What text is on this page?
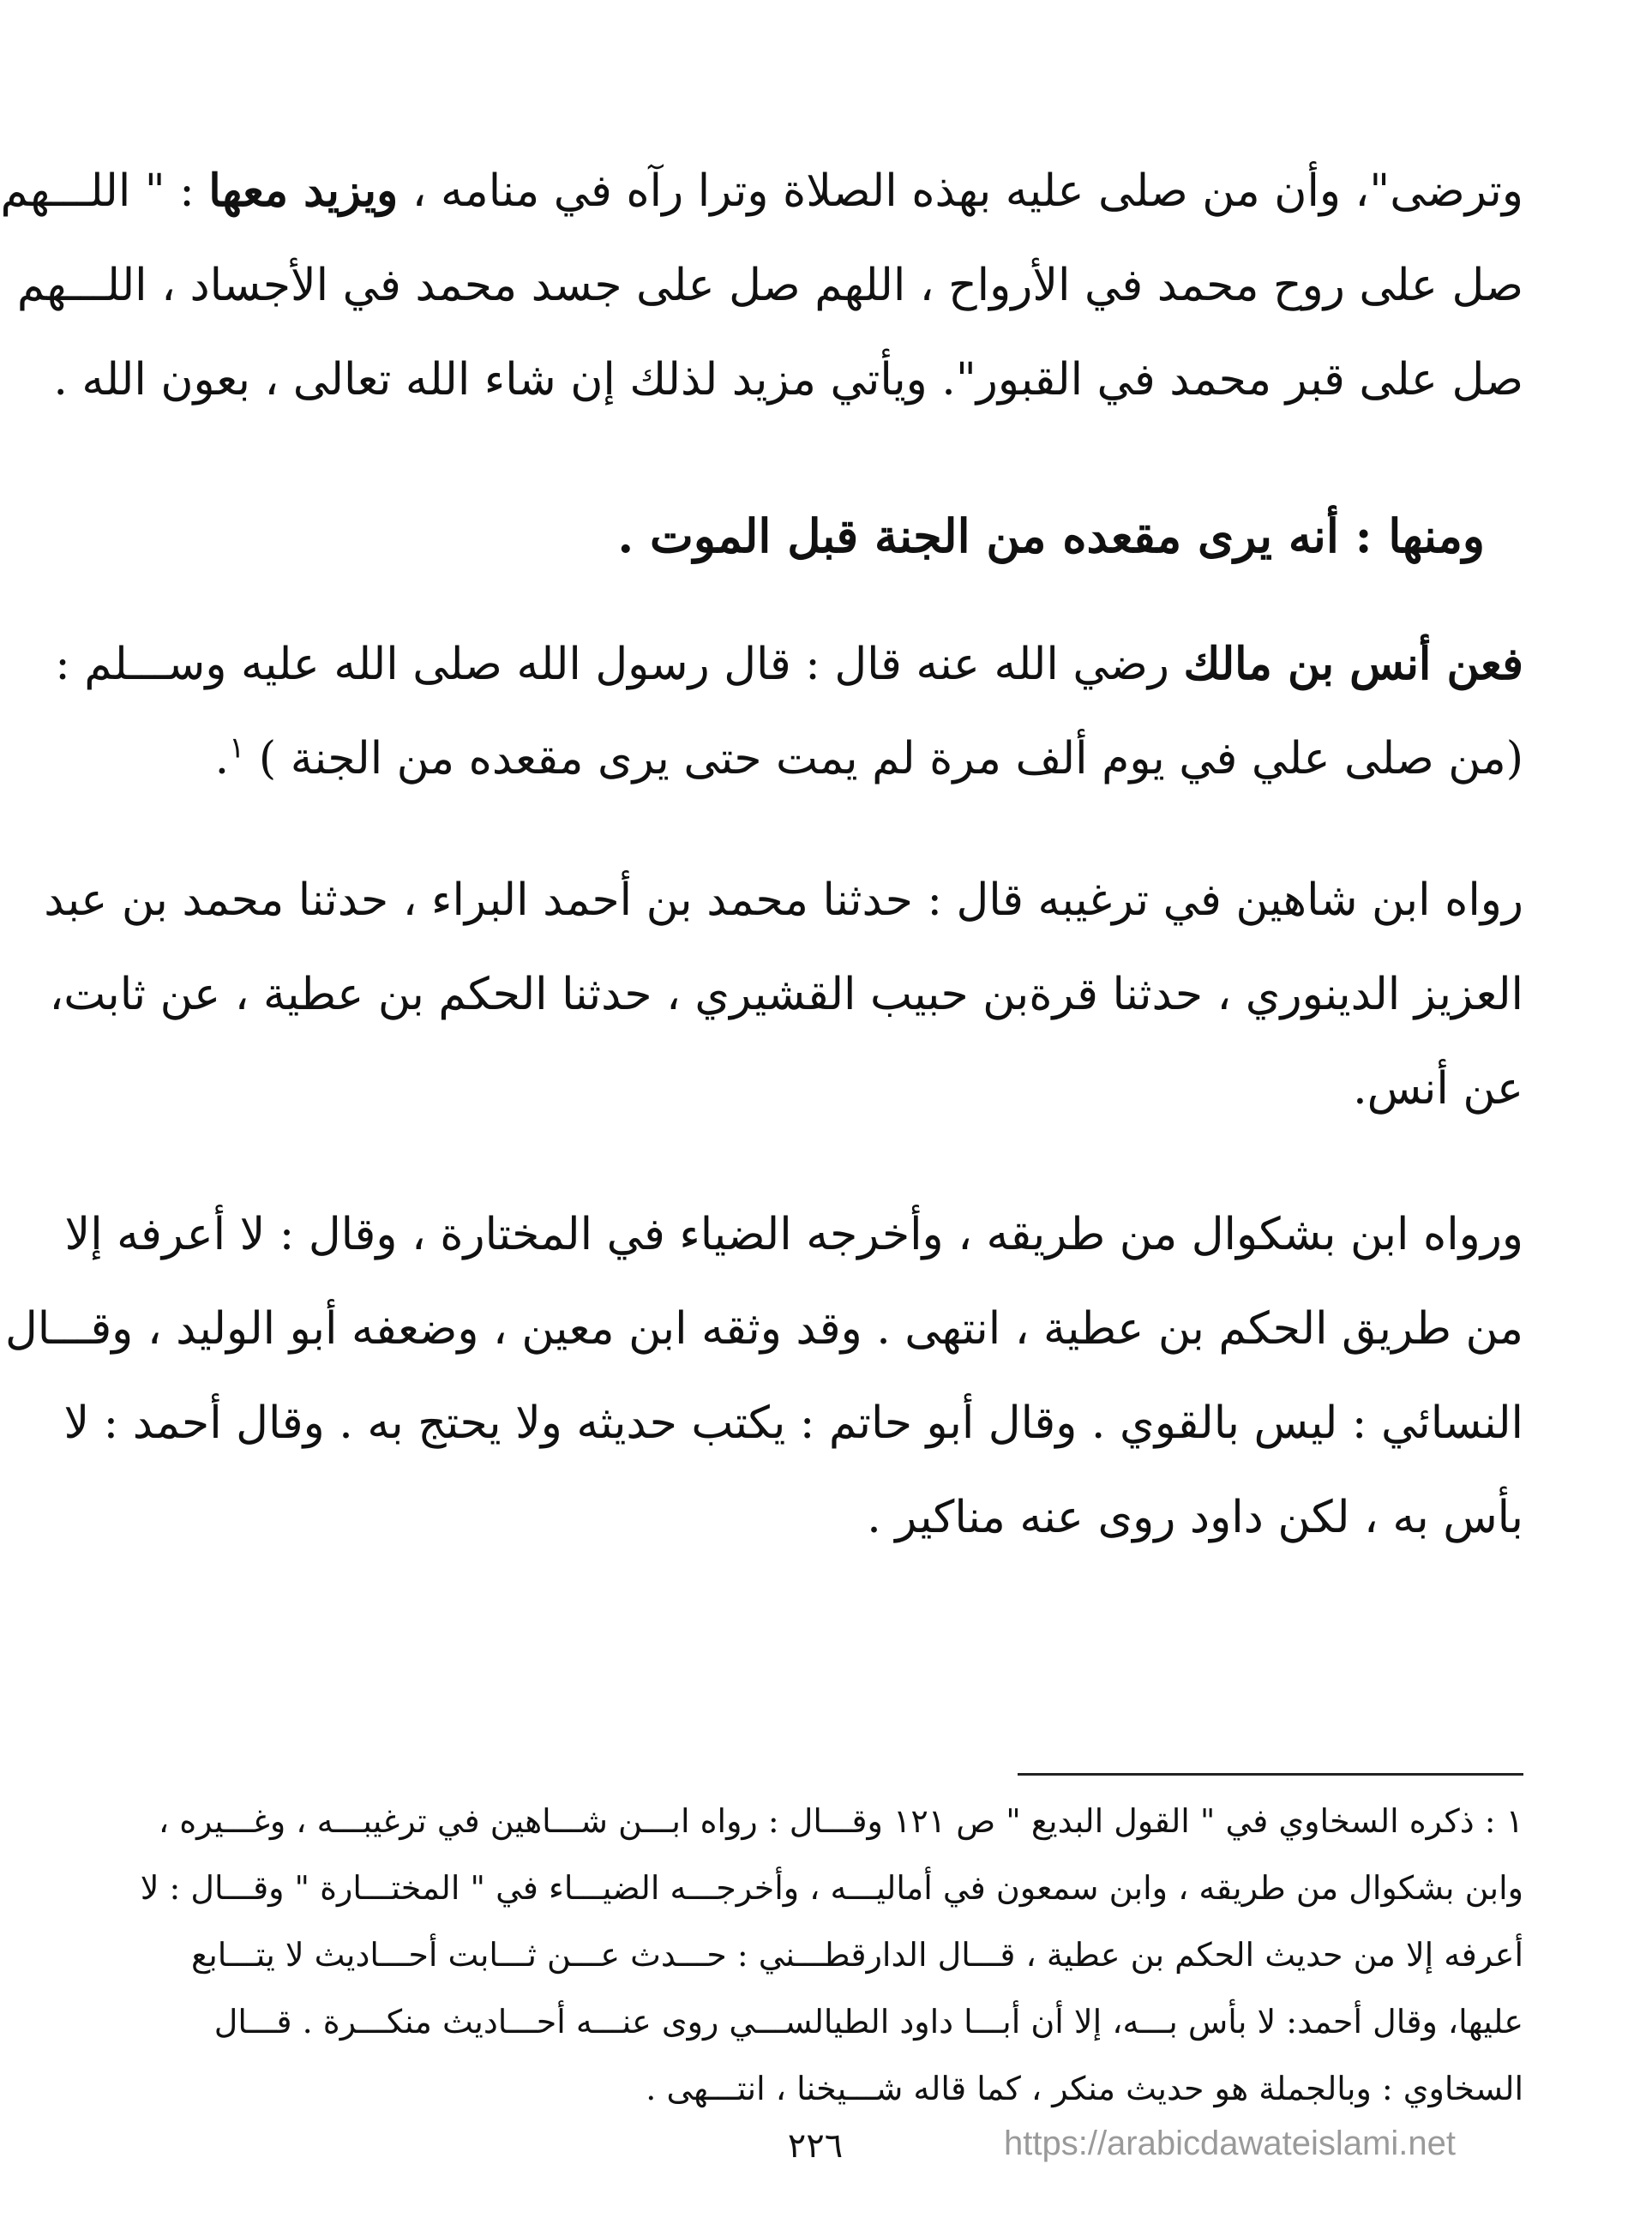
وترضى"، وأن من صلى عليه بهذه الصلاة وترا رآه في منامه ، ويزيد معها : " اللـــهم
صل على روح محمد في الأرواح ، اللهم صل على جسد محمد في الأجساد ، اللـــهم
صل على قبر محمد في القبور". ويأتي مزيد لذلك إن شاء الله تعالى ، بعون الله .
ومنها : أنه يرى مقعده من الجنة قبل الموت .
فعن أنس بن مالك رضي الله عنه قال : قال رسول الله صلى الله عليه وســـلم :
(من صلى علي في يوم ألف مرة لم يمت حتى يرى مقعده من الجنة ) $^١$.
رواه ابن شاهين في ترغيبه قال : حدثنا محمد بن أحمد البراء ، حدثنا محمد بن عبد
العزيز الدينوري ، حدثنا قرةبن حبيب القشيري ، حدثنا الحكم بن عطية ، عن ثابت،
عن أنس.
ورواه ابن بشكوال من طريقه ، وأخرجه الضياء في المختارة ، وقال : لا أعرفه إلا
من طريق الحكم بن عطية ، انتهى . وقد وثقه ابن معين ، وضعفه أبو الوليد ، وقـــال
النسائي : ليس بالقوي . وقال أبو حاتم : يكتب حديثه ولا يحتج به . وقال أحمد : لا
بأس به ، لكن داود روى عنه مناكير .
١ : ذكره السخاوي في " القول البديع " ص ١٢١ وقـــال : رواه ابـــن شـــاهين في ترغيبـــه ، وغـــيره ،
وابن بشكوال من طريقه ، وابن سمعون في أماليـــه ، وأخرجـــه الضيـــاء في " المختـــارة " وقـــال : لا
أعرفه إلا من حديث الحكم بن عطية ، قـــال الدارقطـــني : حـــدث عـــن ثـــابت أحـــاديث لا يتـــابع
عليها، وقال أحمد: لا بأس بـــه، إلا أن أبـــا داود الطيالســـي روى عنـــه أحـــاديث منكـــرة . قـــال
السخاوي : وبالجملة هو حديث منكر ، كما قاله شـــيخنا ، انتـــهى .
٢٢٦	https://arabicdawateislami.net
